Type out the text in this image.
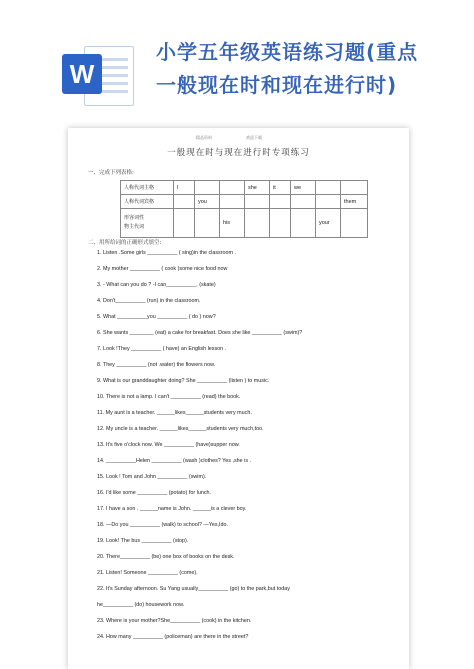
W
小学五年级英语练习题(重点
一般现在时和现在进行时)
精品资料	欢迎下载
一般现在时与现在进行时专项练习
一、完成下列表格:
人称代词主格	I			she	it	we		
人称代词宾格		you						them
形容词性
物主代词			his				your	
二、用所给词的正确形式填空:
1. Listen .Some girls __________ ( sing)in the classroom .
2. My mother __________ ( cook )some nice food now
3. - What can you do ? -I can__________. (skate)
4. Don't__________ (run) in the classroom.
5. What __________you __________ ( do ) now?
6. She wants ________ (eat) a cake for breakfast. Does she like __________ (swim)?
7. Look !They __________ ( have) an English lesson .
8. They __________ (not .water) the flowers now.
9. What is our granddaughter doing? She __________ (listen ) to music.
10. There is not a lamp. I can't __________ (read) the book.
11. My aunt is a teacher. ______likes______students very much.
12. My uncle is a teacher. ______likes______students very much,too.
13. It's five o'clock now. We __________ (have)supper now.
14. __________Helen __________ (wash )clothes? Yes ,she is .
15. Look ! Tom and John __________ (swim).
16. I'd like some __________ (potato) for lunch.
17. I have a son . ______name is John. ______is a clever boy.
18. —Do you __________ (walk) to school? —Yes,Ido.
19. Look! The bus __________ (stop).
20. There__________ (be) one box of books on the desk.
21. Listen! Someone __________ (come).
22. It's Sunday afternoon. Su Yang usually__________ (go) to the park,but today
he__________ (do) housework now.
23. Where is your mother?She__________ (cook) in the kitchen.
24. How many __________ (policeman) are there in the street?
